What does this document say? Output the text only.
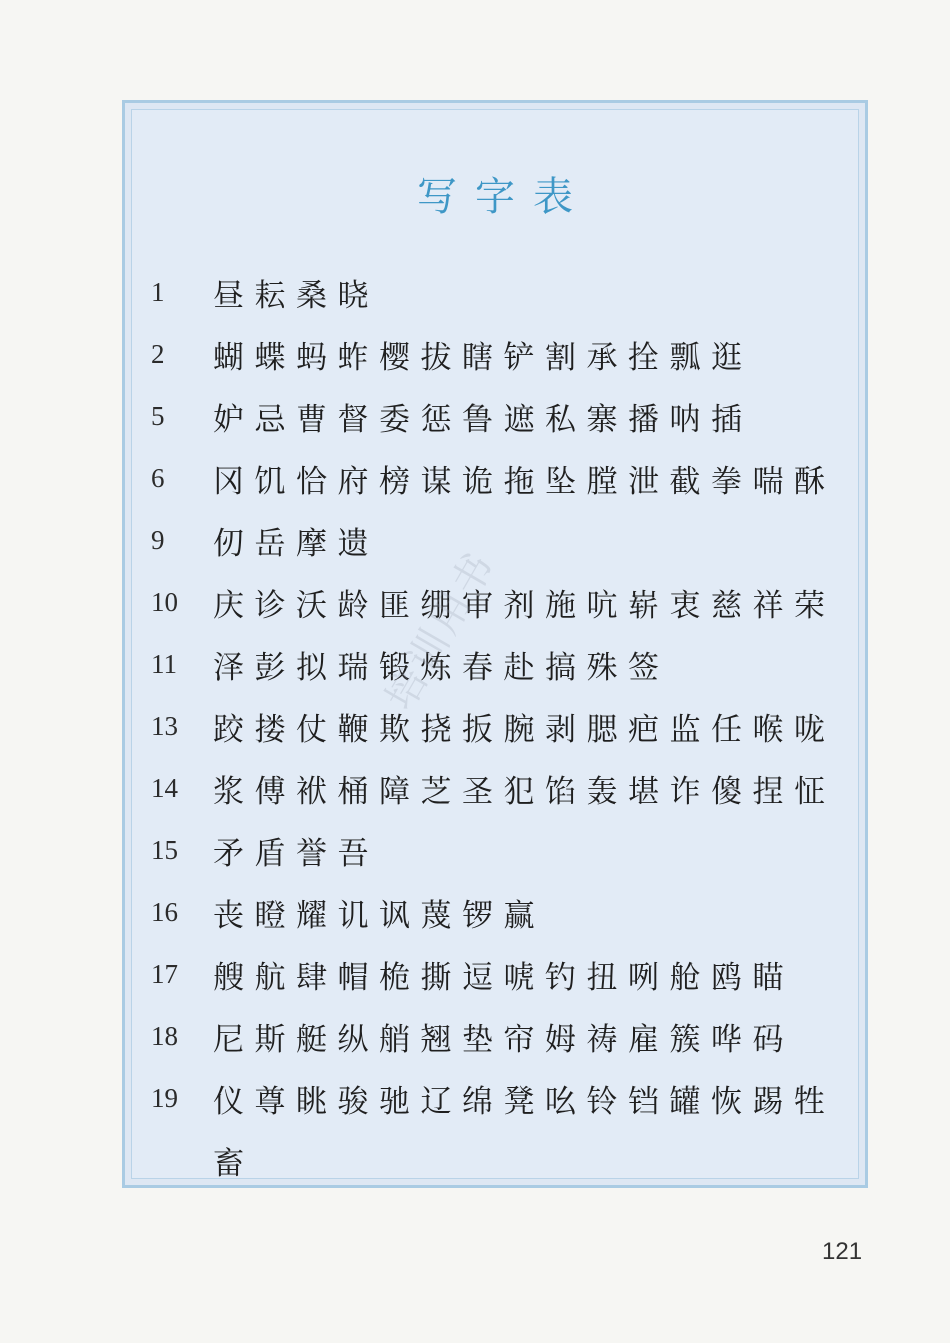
写字表
1	昼耘桑晓
2	蝴蝶蚂蚱樱拔瞎铲割承拴瓢逛
5	妒忌曹督委惩鲁遮私寨播呐插
6	冈饥恰府榜谋诡拖坠膛泄截拳喘酥
9	仞岳摩遗
10	庆诊沃龄匪绷审剂施吭崭衷慈祥荣
11	泽彭拟瑞锻炼春赴搞殊签
13	跤搂仗鞭欺挠扳腕剥腮疤监任喉咙
14	浆傅袱桶障芝圣犯馅轰堪诈傻捏怔
15	矛盾誉吾
16	丧瞪耀讥讽蔑锣赢
17	艘航肆帽桅撕逗唬钓扭咧舱鸥瞄
18	尼斯艇纵艄翘垫帘姆祷雇簇哗码
19	仪尊眺骏驰辽绵凳吆铃铛罐恢踢牲
畜
培训用书
121
